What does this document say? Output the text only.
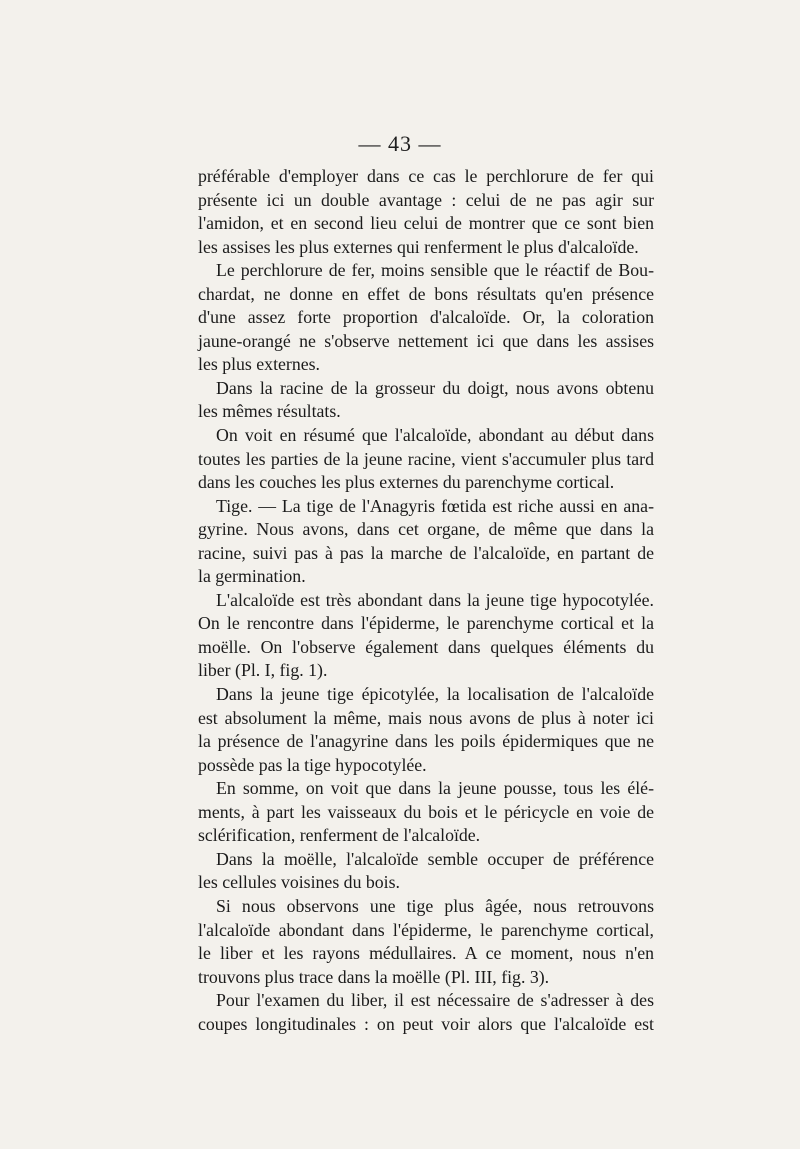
— 43 —
préférable d'employer dans ce cas le perchlorure de fer qui
présente ici un double avantage : celui de ne pas agir sur
l'amidon, et en second lieu celui de montrer que ce sont bien
les assises les plus externes qui renferment le plus d'alcaloïde.
Le perchlorure de fer, moins sensible que le réactif de Bou-
chardat, ne donne en effet de bons résultats qu'en présence
d'une assez forte proportion d'alcaloïde. Or, la coloration
jaune-orangé ne s'observe nettement ici que dans les assises
les plus externes.
Dans la racine de la grosseur du doigt, nous avons obtenu
les mêmes résultats.
On voit en résumé que l'alcaloïde, abondant au début dans
toutes les parties de la jeune racine, vient s'accumuler plus tard
dans les couches les plus externes du parenchyme cortical.
Tige. — La tige de l'Anagyris fœtida est riche aussi en ana-
gyrine. Nous avons, dans cet organe, de même que dans la
racine, suivi pas à pas la marche de l'alcaloïde, en partant de
la germination.
L'alcaloïde est très abondant dans la jeune tige hypocotylée.
On le rencontre dans l'épiderme, le parenchyme cortical et la
moëlle. On l'observe également dans quelques éléments du
liber (Pl. I, fig. 1).
Dans la jeune tige épicotylée, la localisation de l'alcaloïde
est absolument la même, mais nous avons de plus à noter ici
la présence de l'anagyrine dans les poils épidermiques que ne
possède pas la tige hypocotylée.
En somme, on voit que dans la jeune pousse, tous les élé-
ments, à part les vaisseaux du bois et le péricycle en voie de
sclérification, renferment de l'alcaloïde.
Dans la moëlle, l'alcaloïde semble occuper de préférence
les cellules voisines du bois.
Si nous observons une tige plus âgée, nous retrouvons
l'alcaloïde abondant dans l'épiderme, le parenchyme cortical,
le liber et les rayons médullaires. A ce moment, nous n'en
trouvons plus trace dans la moëlle (Pl. III, fig. 3).
Pour l'examen du liber, il est nécessaire de s'adresser à des
coupes longitudinales : on peut voir alors que l'alcaloïde est
